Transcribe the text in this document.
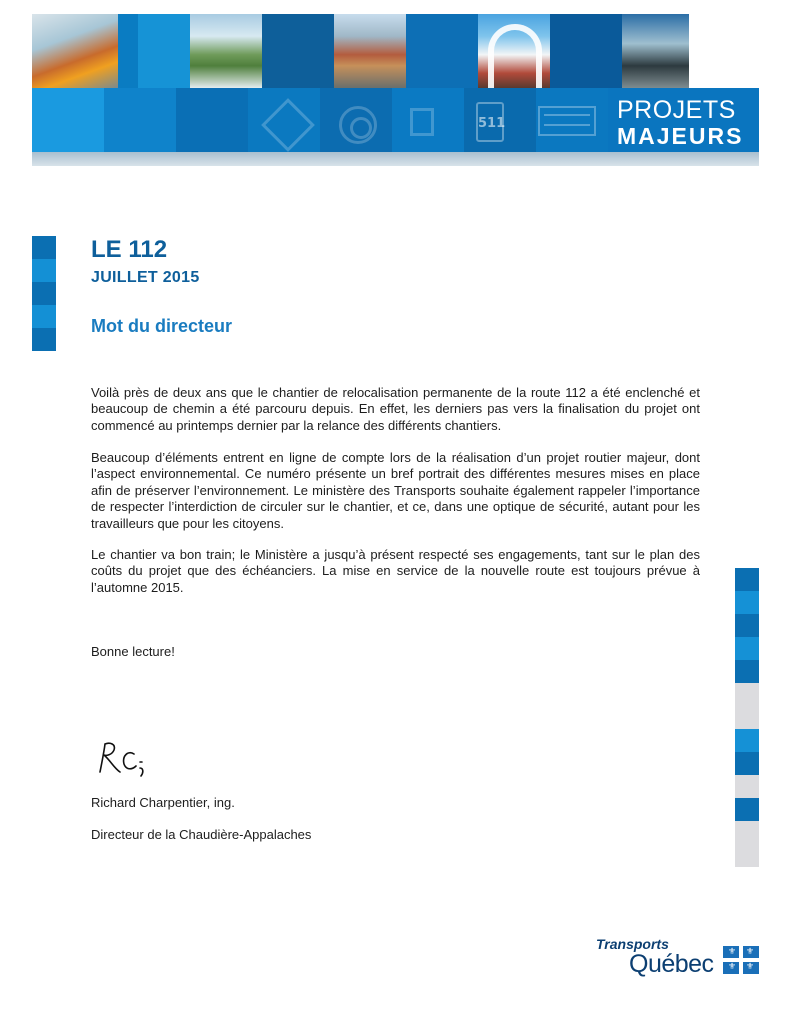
511	PROJETS
MAJEURS
LE 112
JUILLET 2015
Mot du directeur

Voilà près de deux ans que le chantier de relocalisation permanente de la route 112 a été enclenché et beaucoup de chemin a été parcouru depuis. En effet, les derniers pas vers la finalisation du projet ont commencé au printemps dernier par la relance des différents chantiers.

Beaucoup d’éléments entrent en ligne de compte lors de la réalisation d’un projet routier majeur, dont l’aspect environnemental. Ce numéro présente un bref portrait des différentes mesures mises en place afin de préserver l’environnement. Le ministère des Transports souhaite également rappeler l’importance de respecter l’interdiction de circuler sur le chantier, et ce, dans une optique de sécurité, autant pour les travailleurs que pour les citoyens.

Le chantier va bon train; le Ministère a jusqu’à présent respecté ses engagements, tant sur le plan des coûts du projet que des échéanciers. La mise en service de la nouvelle route est toujours prévue à l’automne 2015.

Bonne lecture!
Richard Charpentier, ing.
Directeur de la Chaudière-Appalaches
Transports
Québec ⚜ ⚜
⚜ ⚜
